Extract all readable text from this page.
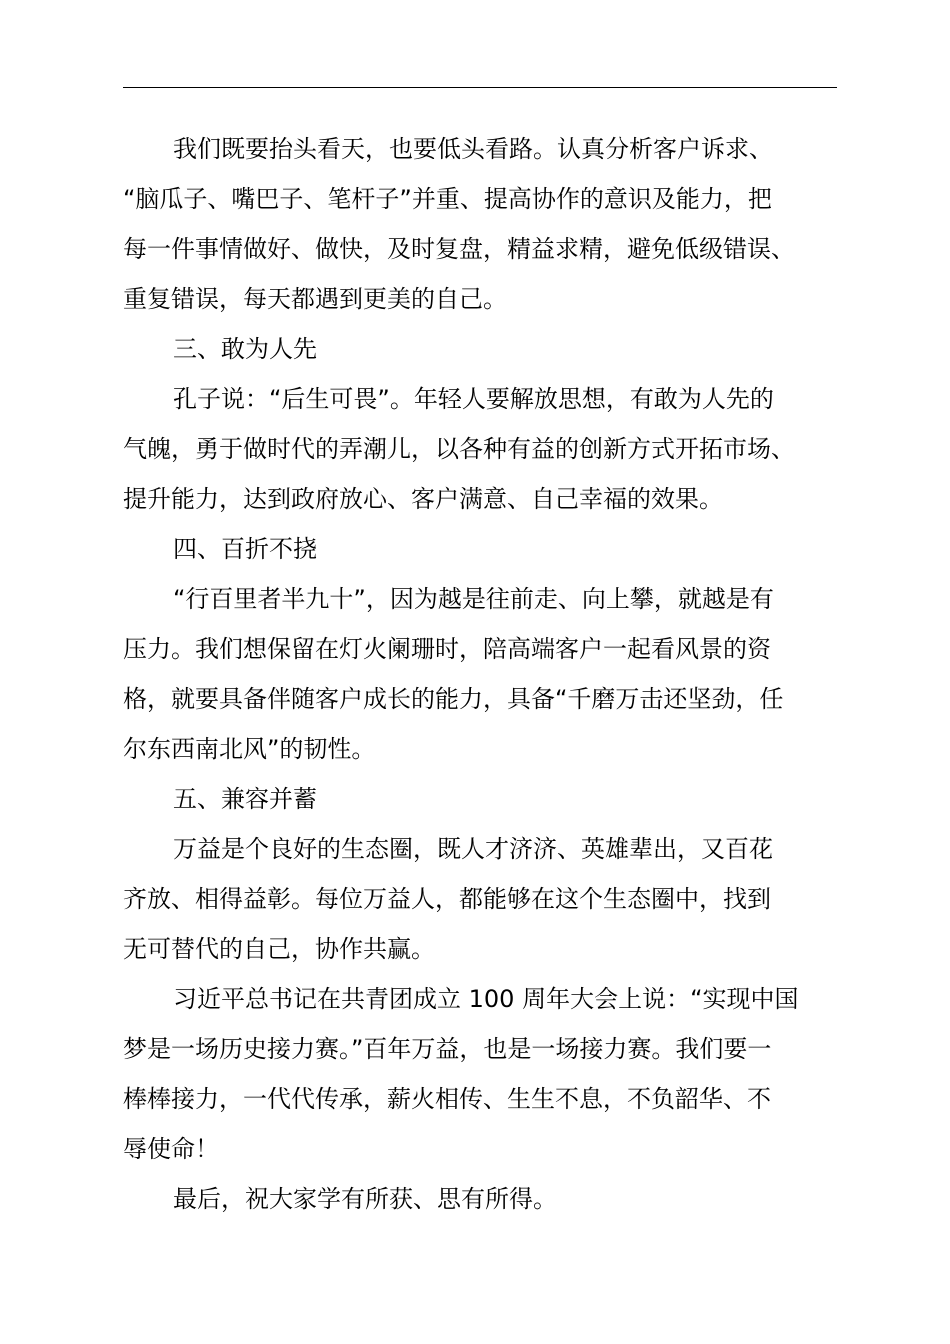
我们既要抬头看天，也要低头看路。认真分析客户诉求、
“脑瓜子、嘴巴子、笔杆子”并重、提高协作的意识及能力，把
每一件事情做好、做快，及时复盘，精益求精，避免低级错误、
重复错误，每天都遇到更美的自己。

三、敢为人先

孔子说：“后生可畏”。年轻人要解放思想，有敢为人先的
气魄，勇于做时代的弄潮儿，以各种有益的创新方式开拓市场、
提升能力，达到政府放心、客户满意、自己幸福的效果。

四、百折不挠

“行百里者半九十”，因为越是往前走、向上攀，就越是有
压力。我们想保留在灯火阑珊时，陪高端客户一起看风景的资
格，就要具备伴随客户成长的能力，具备“千磨万击还坚劲，任
尔东西南北风”的韧性。

五、兼容并蓄

万益是个良好的生态圈，既人才济济、英雄辈出，又百花
齐放、相得益彰。每位万益人，都能够在这个生态圈中，找到
无可替代的自己，协作共赢。

习近平总书记在共青团成立 100 周年大会上说：“实现中国
梦是一场历史接力赛。”百年万益，也是一场接力赛。我们要一
棒棒接力，一代代传承，薪火相传、生生不息，不负韶华、不
辱使命！

最后，祝大家学有所获、思有所得。
